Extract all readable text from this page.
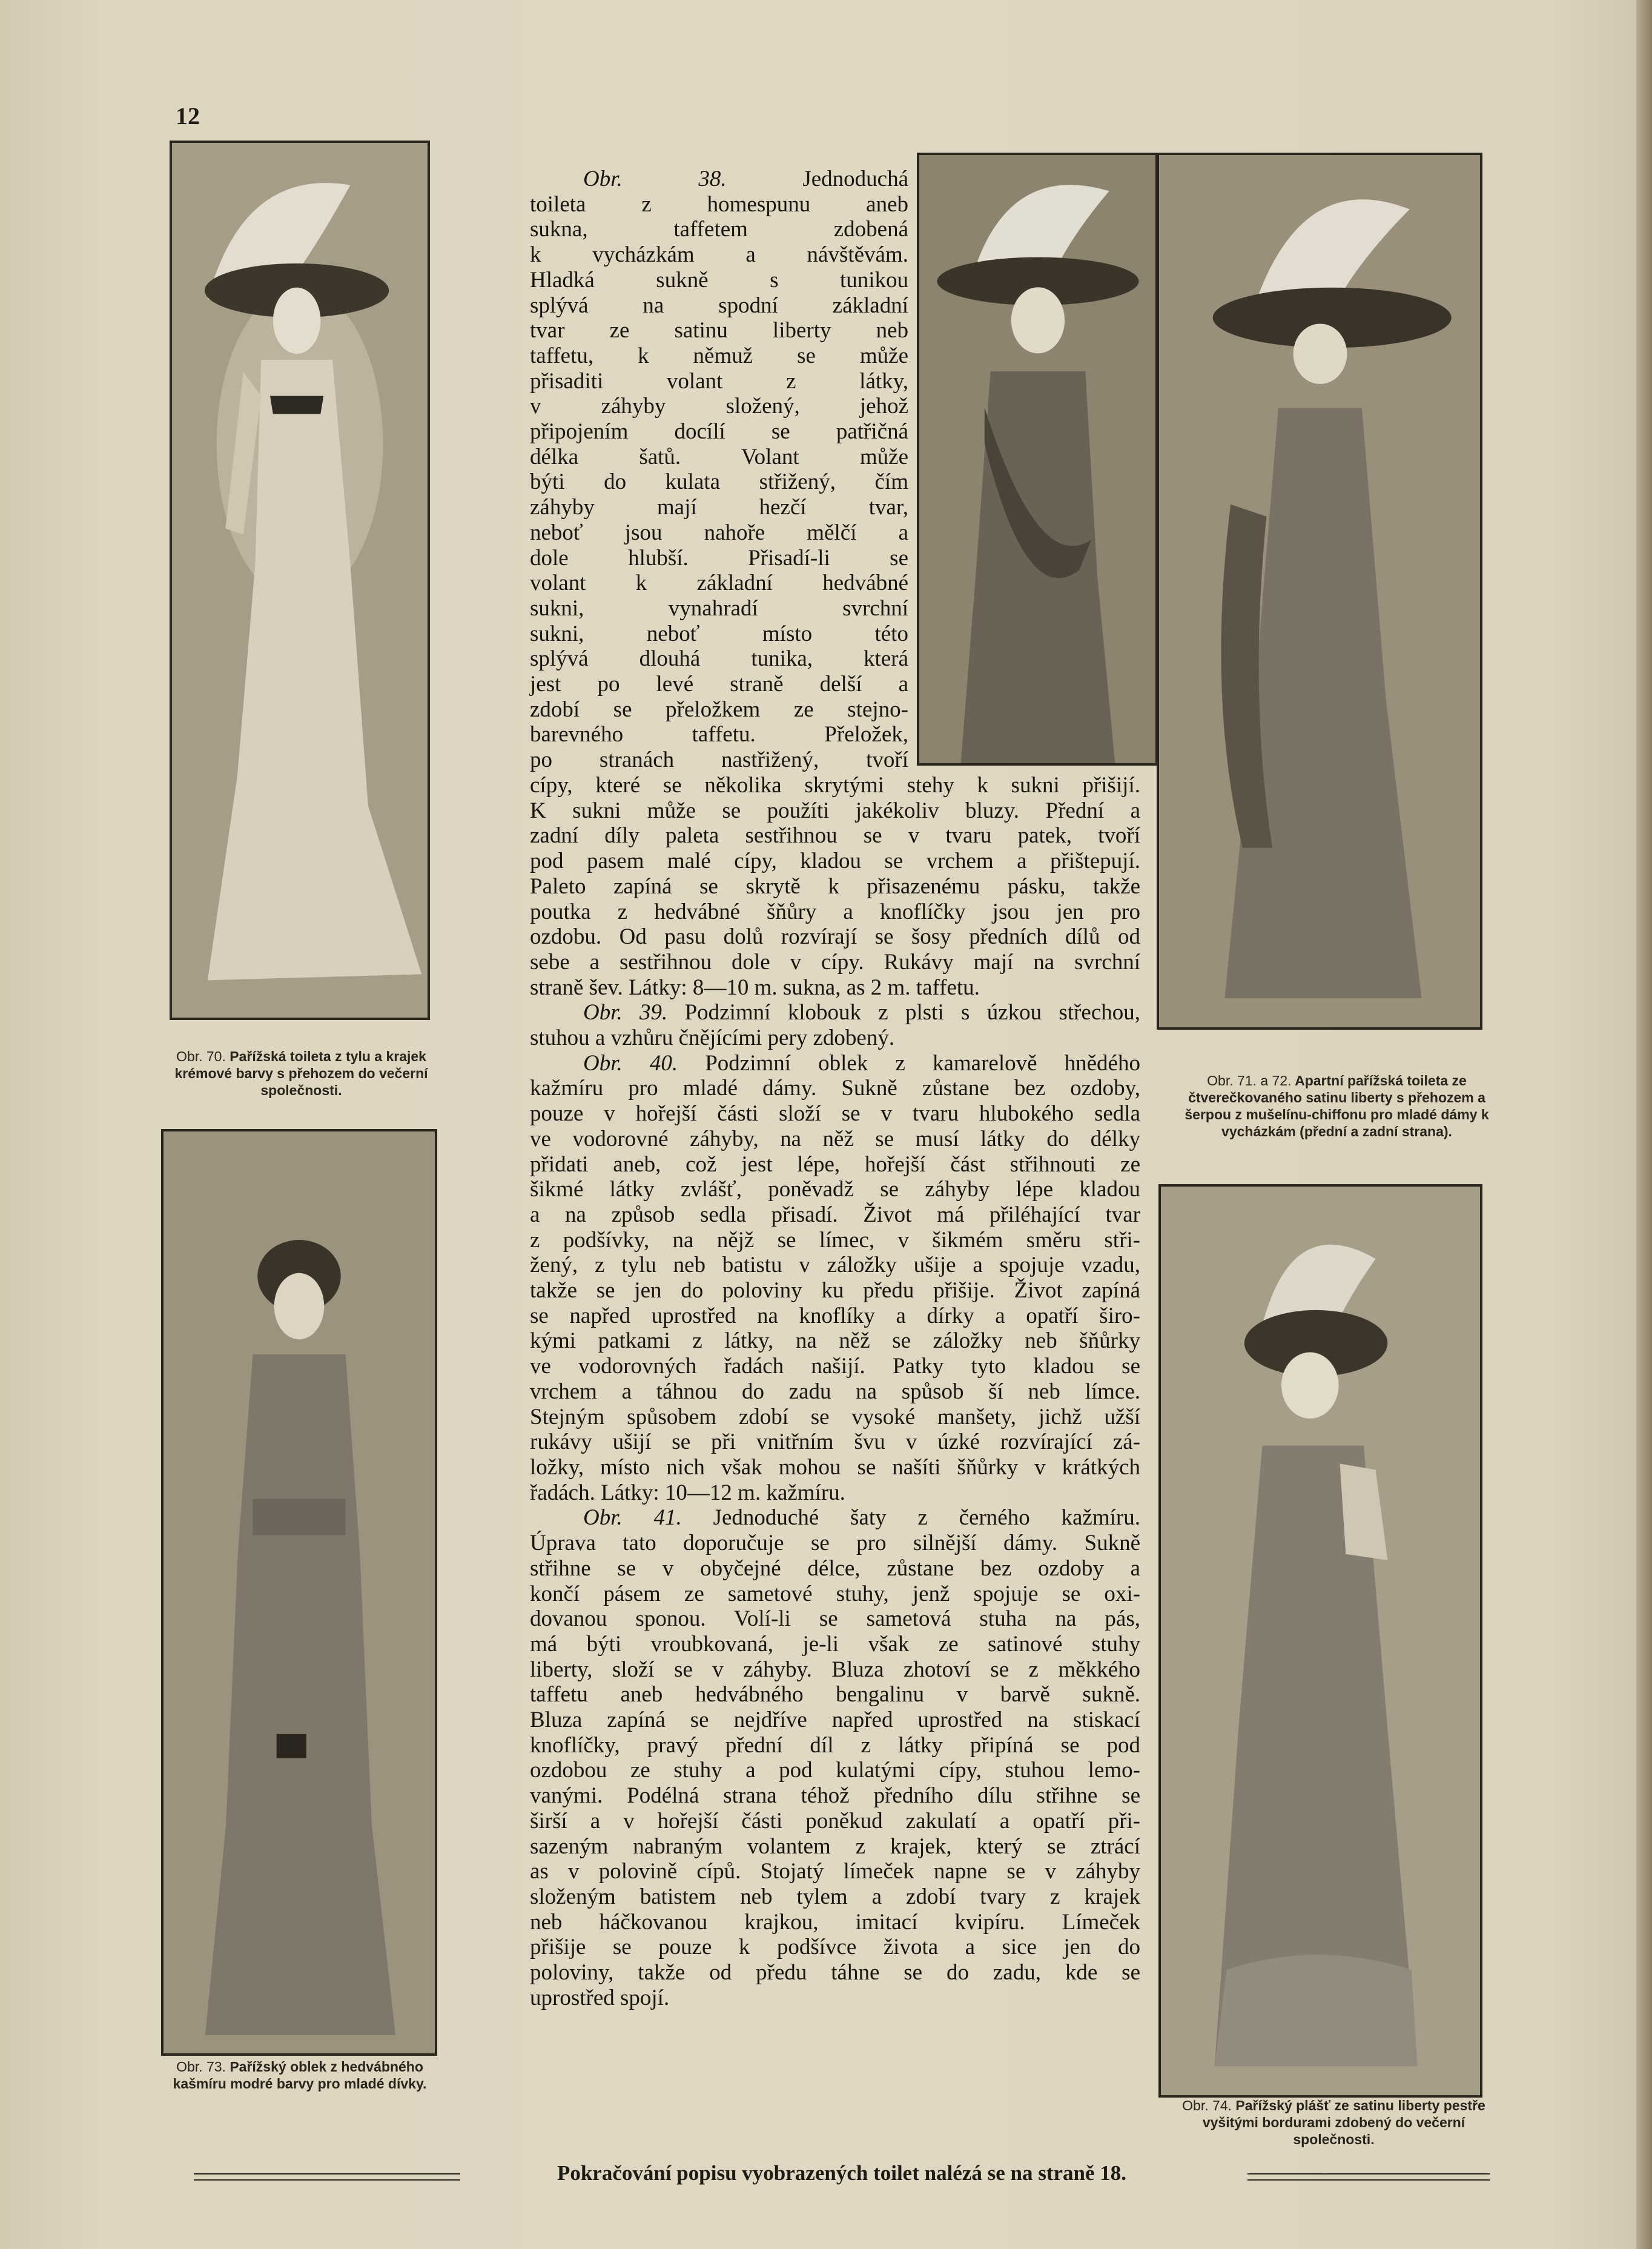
12
Obr. 70. Pařížská toileta z tylu a krajek krémové barvy s přehozem do večerní společnosti.
Obr. 73. Pařížský oblek z hedvábného kašmíru modré barvy pro mladé dívky.
Obr. 71. a 72. Apartní pařížská toileta ze čtverečkovaného satinu liberty s přehozem a šerpou z mušelínu-chiffonu pro mladé dámy k vycházkám (přední a zadní strana).
Obr. 74. Pařížský plášť ze satinu liberty pestře vyšitými bordurami zdobený do večerní společnosti.

Obr. 38. Jednoduchá

toileta z homespunu aneb

sukna, taffetem zdobená

k vycházkám a návštěvám.

Hladká sukně s tunikou

splývá na spodní základní

tvar ze satinu liberty neb

taffetu, k němuž se může

přisaditi volant z látky,

v záhyby složený, jehož

připojením docílí se patřičná

délka šatů. Volant může

býti do kulata střižený, čím

záhyby mají hezčí tvar,

neboť jsou nahoře mělčí a

dole hlubší. Přisadí-li se

volant k základní hedvábné

sukni, vynahradí svrchní

sukni, neboť místo této

splývá dlouhá tunika, která

jest po levé straně delší a

zdobí se přeložkem ze stejno-

barevného taffetu. Přeložek,

po stranách nastřižený, tvoří

cípy, které se několika skrytými stehy k sukni přišijí.

K sukni může se použíti jakékoliv bluzy. Přední a

zadní díly paleta sestřihnou se v tvaru patek, tvoří

pod pasem malé cípy, kladou se vrchem a přištepují.

Paleto zapíná se skrytě k přisazenému pásku, takže

poutka z hedvábné šňůry a knoflíčky jsou jen pro

ozdobu. Od pasu dolů rozvírají se šosy předních dílů od

sebe a sestřihnou dole v cípy. Rukávy mají na svrchní

straně šev. Látky: 8—10 m. sukna, as 2 m. taffetu.

Obr. 39. Podzimní klobouk z plsti s úzkou střechou,

stuhou a vzhůru čnějícími pery zdobený.

Obr. 40. Podzimní oblek z kamarelově hnědého

kažmíru pro mladé dámy. Sukně zůstane bez ozdoby,

pouze v hořejší části složí se v tvaru hlubokého sedla

ve vodorovné záhyby, na něž se musí látky do délky

přidati aneb, což jest lépe, hořejší část střihnouti ze

šikmé látky zvlášť, poněvadž se záhyby lépe kladou

a na způsob sedla přisadí. Život má přiléhající tvar

z podšívky, na nějž se límec, v šikmém směru stři-

žený, z tylu neb batistu v záložky ušije a spojuje vzadu,

takže se jen do poloviny ku předu přišije. Život zapíná

se napřed uprostřed na knoflíky a dírky a opatří širo-

kými patkami z látky, na něž se záložky neb šňůrky

ve vodorovných řadách našijí. Patky tyto kladou se

vrchem a táhnou do zadu na spůsob ší neb límce.

Stejným spůsobem zdobí se vysoké manšety, jichž užší

rukávy ušijí se při vnitřním švu v úzké rozvírající zá-

ložky, místo nich však mohou se našíti šňůrky v krátkých

řadách. Látky: 10—12 m. kažmíru.

Obr. 41. Jednoduché šaty z černého kažmíru.

Úprava tato doporučuje se pro silnější dámy. Sukně

střihne se v obyčejné délce, zůstane bez ozdoby a

končí pásem ze sametové stuhy, jenž spojuje se oxi-

dovanou sponou. Volí-li se sametová stuha na pás,

má býti vroubkovaná, je-li však ze satinové stuhy

liberty, složí se v záhyby. Bluza zhotoví se z měkkého

taffetu aneb hedvábného bengalinu v barvě sukně.

Bluza zapíná se nejdříve napřed uprostřed na stiskací

knoflíčky, pravý přední díl z látky připíná se pod

ozdobou ze stuhy a pod kulatými cípy, stuhou lemo-

vanými. Podélná strana téhož předního dílu střihne se

širší a v hořejší části poněkud zakulatí a opatří při-

sazeným nabraným volantem z krajek, který se ztrácí

as v polovině cípů. Stojatý límeček napne se v záhyby

složeným batistem neb tylem a zdobí tvary z krajek

neb háčkovanou krajkou, imitací kvipíru. Límeček

přišije se pouze k podšívce života a sice jen do

poloviny, takže od předu táhne se do zadu, kde se

uprostřed spojí.

Pokračování popisu vyobrazených toilet nalézá se na straně 18.
